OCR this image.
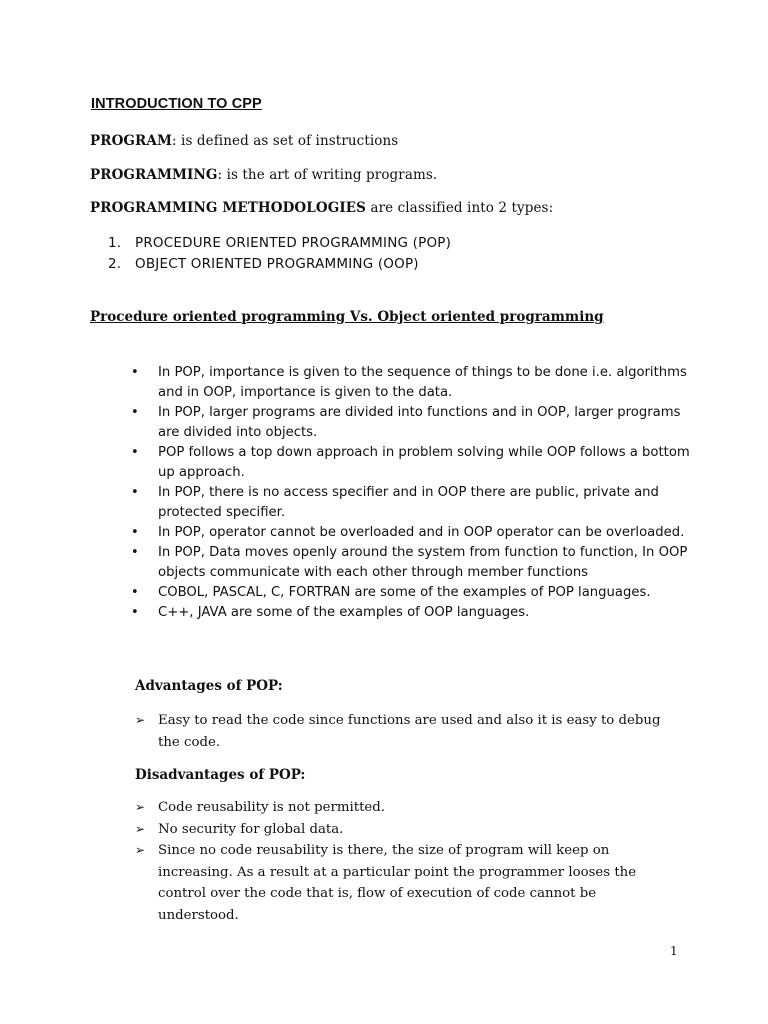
INTRODUCTION TO CPP
PROGRAM: is defined as set of instructions
PROGRAMMING: is the art of writing programs.
PROGRAMMING METHODOLOGIES are classified into 2 types:
1. PROCEDURE ORIENTED PROGRAMMING (POP)
2. OBJECT ORIENTED PROGRAMMING (OOP)
Procedure oriented programming Vs. Object oriented programming
• In POP, importance is given to the sequence of things to be done i.e. algorithms and in OOP, importance is given to the data.
• In POP, larger programs are divided into functions and in OOP, larger programs are divided into objects.
• POP follows a top down approach in problem solving while OOP follows a bottom up approach.
• In POP, there is no access specifier and in OOP there are public, private and protected specifier.
• In POP, operator cannot be overloaded and in OOP operator can be overloaded.
• In POP, Data moves openly around the system from function to function, In OOP objects communicate with each other through member functions
• COBOL, PASCAL, C, FORTRAN are some of the examples of POP languages.
• C++, JAVA are some of the examples of OOP languages.
Advantages of POP:
➢ Easy to read the code since functions are used and also it is easy to debug the code.
Disadvantages of POP:
➢ Code reusability is not permitted.
➢ No security for global data.
➢ Since no code reusability is there, the size of program will keep on increasing. As a result at a particular point the programmer looses the control over the code that is, flow of execution of code cannot be understood.
1
